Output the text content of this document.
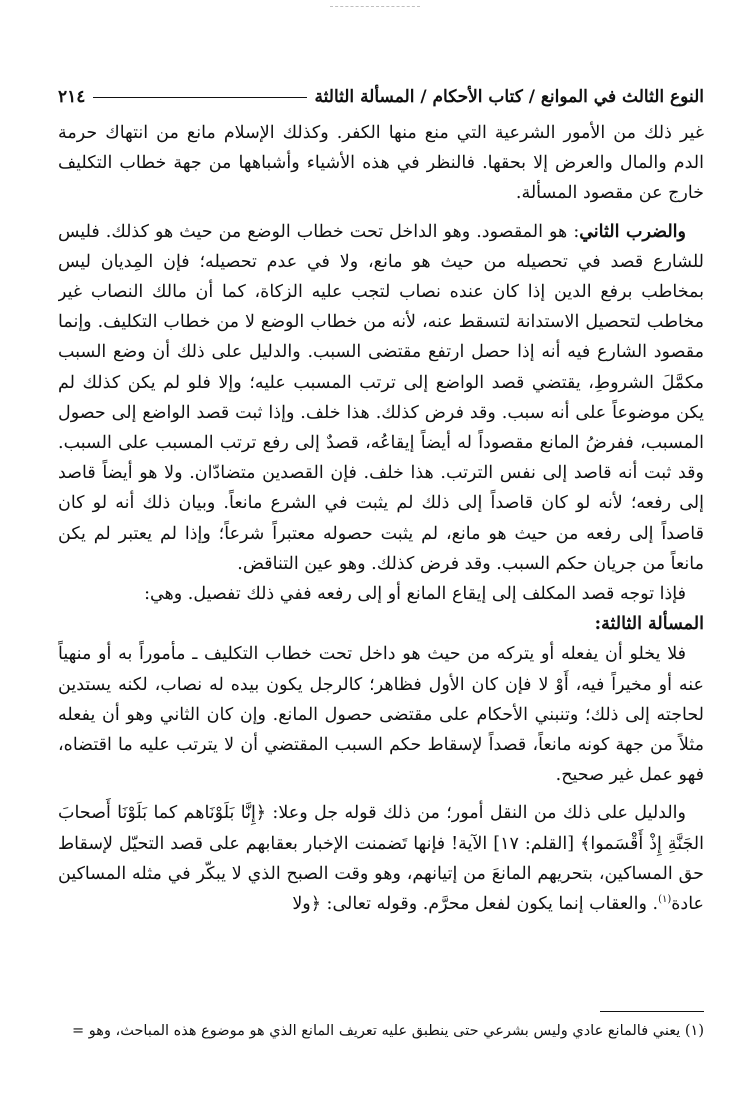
٢١٤	النوع الثالث في الموانع / كتاب الأحكام / المسألة الثالثة

غير ذلك من الأمور الشرعية التي منع منها الكفر. وكذلك الإسلام مانع من انتهاك حرمة الدم والمال والعرض إلا بحقها. فالنظر في هذه الأشياء وأشباهها من جهة خطاب التكليف خارج عن مقصود المسألة.

والضرب الثاني: هو المقصود. وهو الداخل تحت خطاب الوضع من حيث هو كذلك. فليس للشارع قصد في تحصيله من حيث هو مانع، ولا في عدم تحصيله؛ فإن المِديان ليس بمخاطب برفع الدين إذا كان عنده نصاب لتجب عليه الزكاة، كما أن مالك النصاب غير مخاطب لتحصيل الاستدانة لتسقط عنه، لأنه من خطاب الوضع لا من خطاب التكليف. وإنما مقصود الشارع فيه أنه إذا حصل ارتفع مقتضى السبب. والدليل على ذلك أن وضع السبب مكمَّلَ الشروطِ، يقتضي قصد الواضع إلى ترتب المسبب عليه؛ وإلا فلو لم يكن كذلك لم يكن موضوعاً على أنه سبب. وقد فرض كذلك. هذا خلف. وإذا ثبت قصد الواضع إلى حصول المسبب، ففرضُ المانع مقصوداً له أيضاً إيقاعُه، قصدٌ إلى رفع ترتب المسبب على السبب. وقد ثبت أنه قاصد إلى نفس الترتب. هذا خلف. فإن القصدين متضادّان. ولا هو أيضاً قاصد إلى رفعه؛ لأنه لو كان قاصداً إلى ذلك لم يثبت في الشرع مانعاً. وبيان ذلك أنه لو كان قاصداً إلى رفعه من حيث هو مانع، لم يثبت حصوله معتبراً شرعاً؛ وإذا لم يعتبر لم يكن مانعاً من جريان حكم السبب. وقد فرض كذلك. وهو عين التناقض.

فإذا توجه قصد المكلف إلى إيقاع المانع أو إلى رفعه ففي ذلك تفصيل. وهي:

المسألة الثالثة:

فلا يخلو أن يفعله أو يتركه من حيث هو داخل تحت خطاب التكليف ـ مأموراً به أو منهياً عنه أو مخيراً فيه، أَوْ لا فإن كان الأول فظاهر؛ كالرجل يكون بيده له نصاب، لكنه يستدين لحاجته إلى ذلك؛ وتنبني الأحكام على مقتضى حصول المانع. وإن كان الثاني وهو أن يفعله مثلاً من جهة كونه مانعاً، قصداً لإسقاط حكم السبب المقتضي أن لا يترتب عليه ما اقتضاه، فهو عمل غير صحيح.

والدليل على ذلك من النقل أمور؛ من ذلك قوله جل وعلا: ﴿إِنَّا بَلَوْنَاهم كما بَلَوْنَا أَصحابَ الجَنَّةِ إِذْ أَقْسَموا﴾ [القلم: ١٧] الآية! فإنها تَضمنت الإخبار بعقابهم على قصد التحيّل لإسقاط حق المساكين، بتحريهم المانعَ من إتيانهم، وهو وقت الصبح الذي لا يبكّر في مثله المساكين عادة$^{(١)}$. والعقاب إنما يكون لفعل محرَّم. وقوله تعالى: ﴿ولا

(١) يعني فالمانع عادي وليس بشرعي حتى ينطبق عليه تعريف المانع الذي هو موضوع هذه المباحث، وهو =
